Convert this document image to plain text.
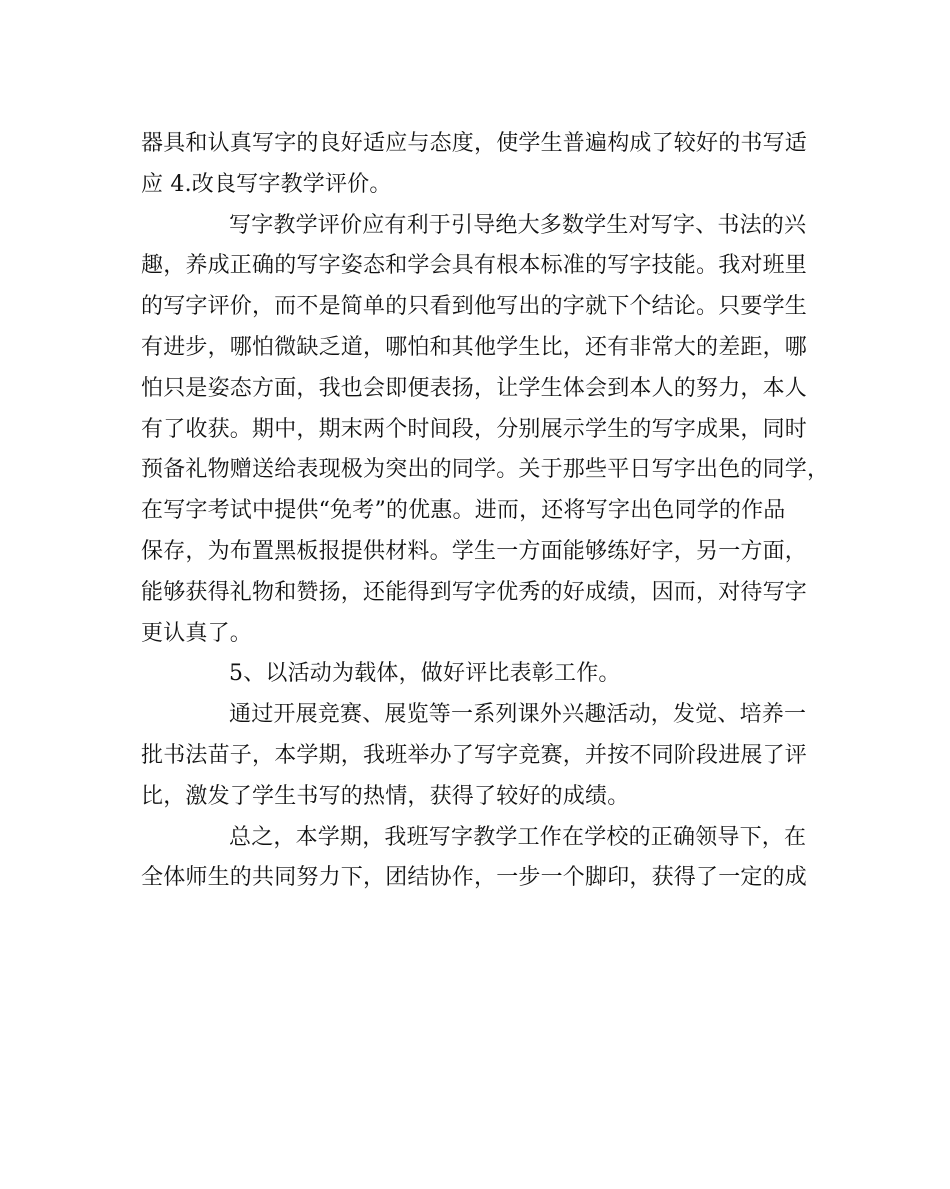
器具和认真写字的良好适应与态度，使学生普遍构成了较好的书写适
应 4.改良写字教学评价。
写字教学评价应有利于引导绝大多数学生对写字、书法的兴
趣，养成正确的写字姿态和学会具有根本标准的写字技能。我对班里
的写字评价，而不是简单的只看到他写出的字就下个结论。只要学生
有进步，哪怕微缺乏道，哪怕和其他学生比，还有非常大的差距，哪
怕只是姿态方面，我也会即便表扬，让学生体会到本人的努力，本人
有了收获。期中，期末两个时间段，分别展示学生的写字成果，同时
预备礼物赠送给表现极为突出的同学。关于那些平日写字出色的同学，
在写字考试中提供“免考”的优惠。进而，还将写字出色同学的作品
保存，为布置黑板报提供材料。学生一方面能够练好字，另一方面，
能够获得礼物和赞扬，还能得到写字优秀的好成绩，因而，对待写字
更认真了。
5、以活动为载体，做好评比表彰工作。
通过开展竞赛、展览等一系列课外兴趣活动，发觉、培养一
批书法苗子，本学期，我班举办了写字竞赛，并按不同阶段进展了评
比，激发了学生书写的热情，获得了较好的成绩。
总之，本学期，我班写字教学工作在学校的正确领导下，在
全体师生的共同努力下，团结协作，一步一个脚印，获得了一定的成
